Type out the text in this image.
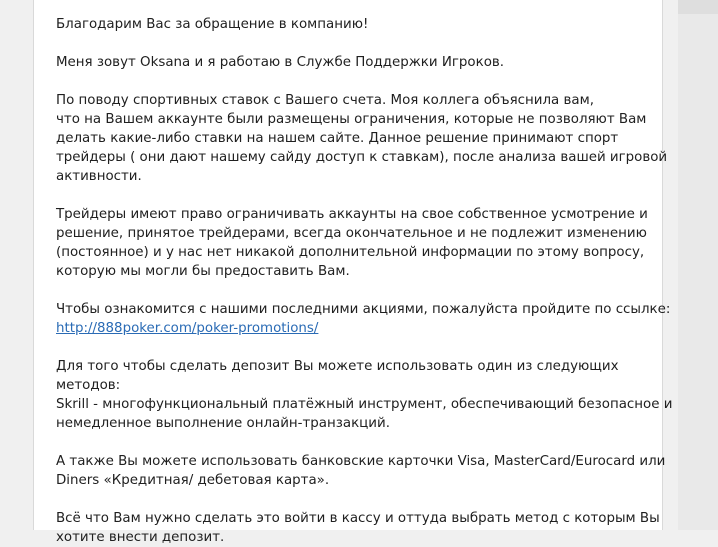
Благодарим Вас за обращение в компанию!
Меня зовут Oksana и я работаю в Службе Поддержки Игроков.
По поводу спортивных ставок с Вашего счета. Моя коллега объяснила вам,
что на Вашем аккаунте были размещены ограничения, которые не позволяют Вам
делать какие-либо ставки на нашем сайте. Данное решение принимают спорт
трейдеры ( они дают нашему сайду доступ к ставкам), после анализа вашей игровой
активности.
Трейдеры имеют право ограничивать аккаунты на свое собственное усмотрение и
решение, принятое трейдерами, всегда окончательное и не подлежит изменению
(постоянное) и у нас нет никакой дополнительной информации по этому вопросу,
которую мы могли бы предоставить Вам.
Чтобы ознакомится с нашими последними акциями, пожалуйста пройдите по ссылке:
http://888poker.com/poker-promotions/
Для того чтобы сделать депозит Вы можете использовать один из следующих
методов:
Skrill - многофункциональный платёжный инструмент, обеспечивающий безопасное и
немедленное выполнение онлайн-транзакций.
А также Вы можете использовать банковские карточки Visa, MasterCard/Eurocard или
Diners «Кредитная/ дебетовая карта».
Всё что Вам нужно сделать это войти в кассу и оттуда выбрать метод с которым Вы
хотите внести депозит.
